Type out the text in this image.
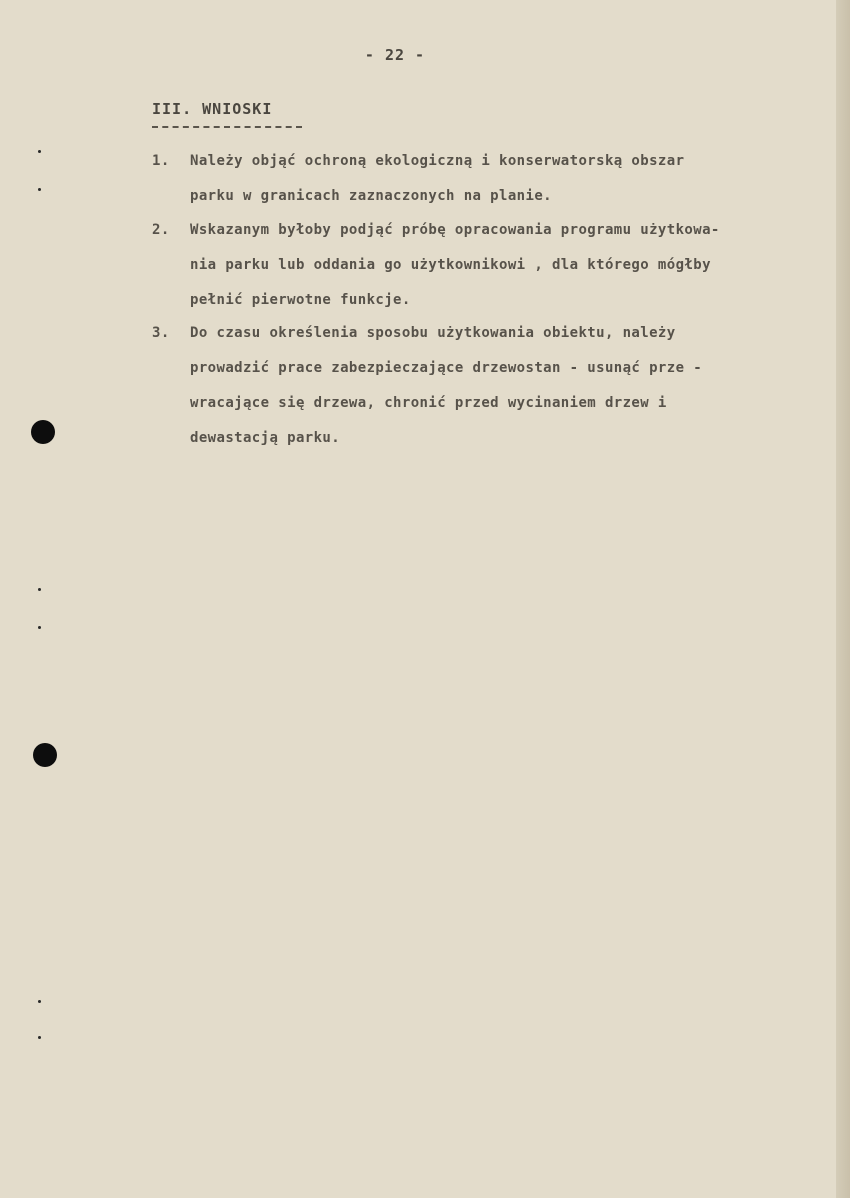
- 22 -
III. WNIOSKI
1. Należy objąć ochroną ekologiczną i konserwatorską obszar
parku w granicach zaznaczonych na planie.
2. Wskazanym byłoby podjąć próbę opracowania programu użytkowa-
nia parku lub oddania go użytkownikowi , dla którego mógłby
pełnić pierwotne funkcje.
3. Do czasu określenia sposobu użytkowania obiektu, należy
prowadzić prace zabezpieczające drzewostan - usunąć prze -
wracające się drzewa, chronić przed wycinaniem drzew i
dewastacją parku.
